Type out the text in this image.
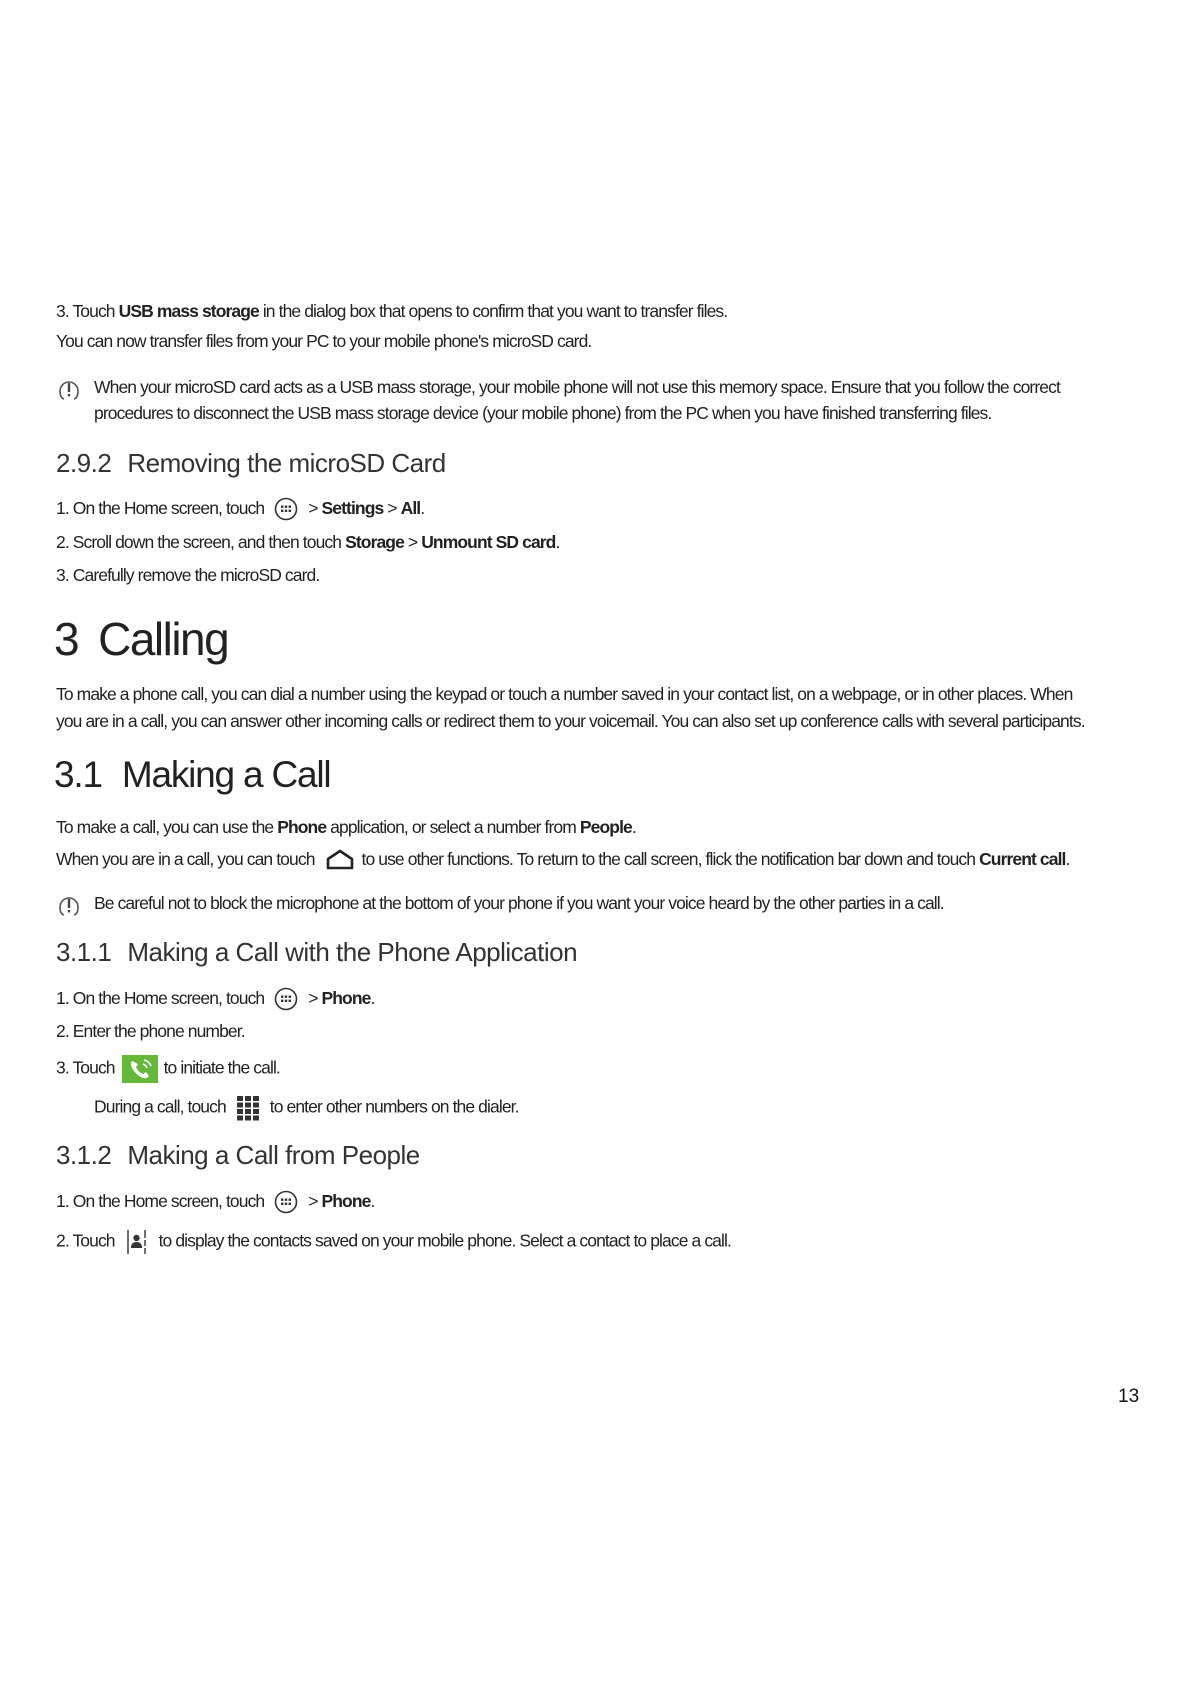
3. Touch USB mass storage in the dialog box that opens to confirm that you want to transfer files.
You can now transfer files from your PC to your mobile phone's microSD card.
When your microSD card acts as a USB mass storage, your mobile phone will not use this memory space. Ensure that you follow the correct
procedures to disconnect the USB mass storage device (your mobile phone) from the PC when you have finished transferring files.
2.9.2 Removing the microSD Card
1. On the Home screen, touch	> Settings > All.
2. Scroll down the screen, and then touch Storage > Unmount SD card.
3. Carefully remove the microSD card.
3 Calling
To make a phone call, you can dial a number using the keypad or touch a number saved in your contact list, on a webpage, or in other places. When
you are in a call, you can answer other incoming calls or redirect them to your voicemail. You can also set up conference calls with several participants.
3.1 Making a Call
To make a call, you can use the Phone application, or select a number from People.
When you are in a call, you can touch	to use other functions. To return to the call screen, flick the notification bar down and touch Current call.
Be careful not to block the microphone at the bottom of your phone if you want your voice heard by the other parties in a call.
3.1.1 Making a Call with the Phone Application
1. On the Home screen, touch	> Phone.
2. Enter the phone number.
3. Touch	to initiate the call.
During a call, touch	to enter other numbers on the dialer.
3.1.2 Making a Call from People
1. On the Home screen, touch	> Phone.
2. Touch	to display the contacts saved on your mobile phone. Select a contact to place a call.
13
